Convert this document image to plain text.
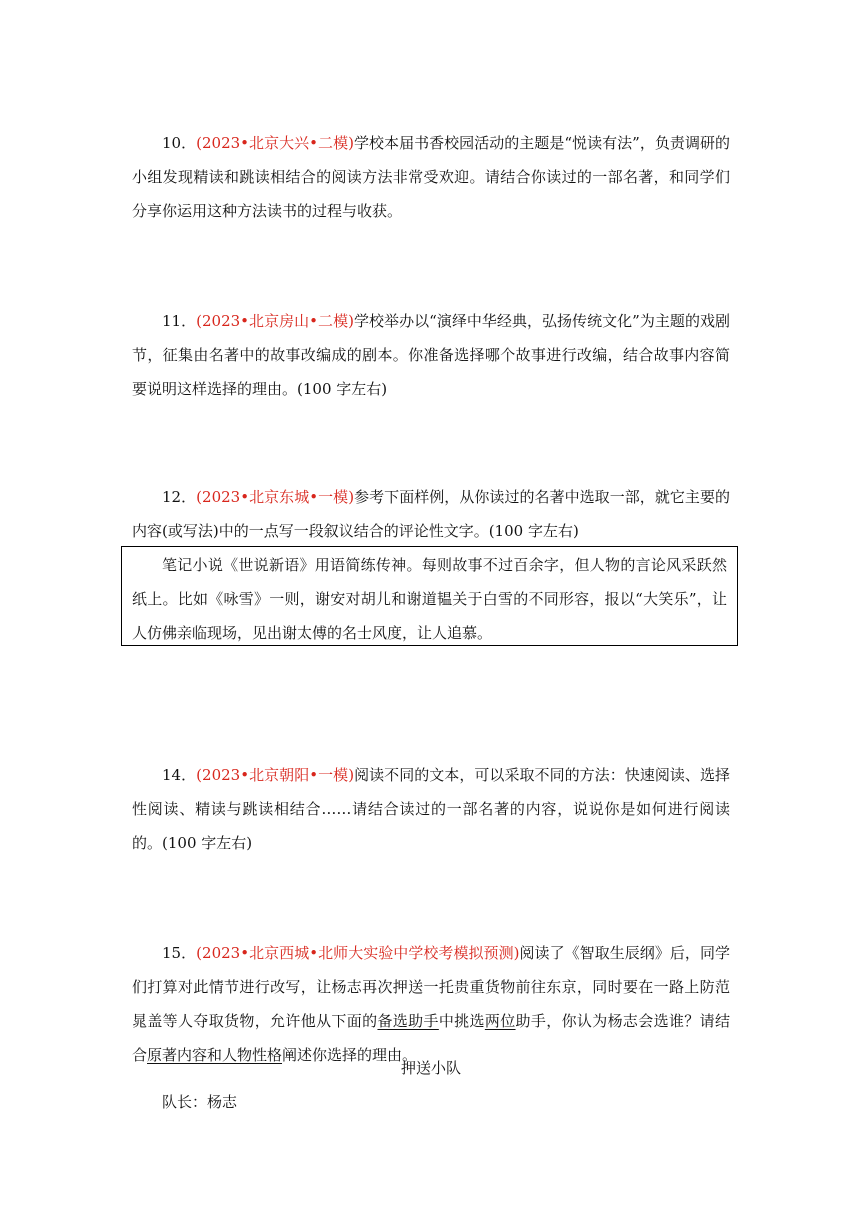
10．(2023•北京大兴•二模)学校本届书香校园活动的主题是“悦读有法”，负责调研的小组发现精读和跳读相结合的阅读方法非常受欢迎。请结合你读过的一部名著，和同学们分享你运用这种方法读书的过程与收获。

11．(2023•北京房山•二模)学校举办以“演绎中华经典，弘扬传统文化”为主题的戏剧节，征集由名著中的故事改编成的剧本。你准备选择哪个故事进行改编，结合故事内容简要说明这样选择的理由。(100 字左右)

12．(2023•北京东城•一模)参考下面样例，从你读过的名著中选取一部，就它主要的内容(或写法)中的一点写一段叙议结合的评论性文字。(100 字左右)

笔记小说《世说新语》用语简练传神。每则故事不过百余字，但人物的言论风采跃然纸上。比如《咏雪》一则，谢安对胡儿和谢道韫关于白雪的不同形容，报以“大笑乐”，让人仿佛亲临现场，见出谢太傅的名士风度，让人追慕。

14．(2023•北京朝阳•一模)阅读不同的文本，可以采取不同的方法：快速阅读、选择性阅读、精读与跳读相结合……请结合读过的一部名著的内容，说说你是如何进行阅读的。(100 字左右)

15．(2023•北京西城•北师大实验中学校考模拟预测)阅读了《智取生辰纲》后，同学们打算对此情节进行改写，让杨志再次押送一托贵重货物前往东京，同时要在一路上防范晁盖等人夺取货物，允许他从下面的备选助手中挑选两位助手，你认为杨志会选谁？请结合原著内容和人物性格阐述你选择的理由。

押送小队
队长：杨志
